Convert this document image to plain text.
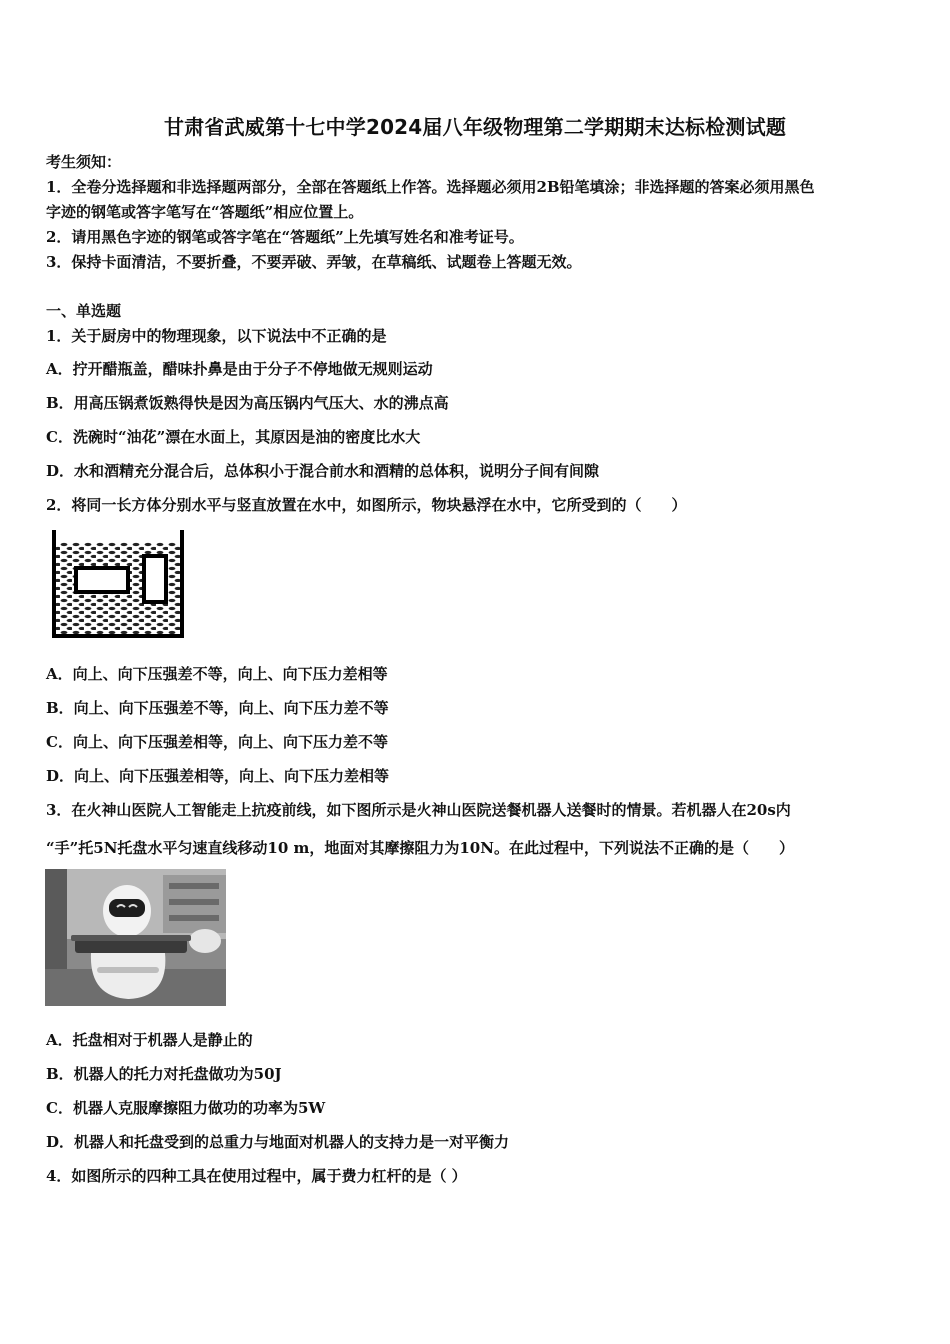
甘肃省武威第十七中学2024届八年级物理第二学期期末达标检测试题
考生须知：
1．全卷分选择题和非选择题两部分，全部在答题纸上作答。选择题必须用2B铅笔填涂；非选择题的答案必须用黑色
字迹的钢笔或答字笔写在“答题纸”相应位置上。
2．请用黑色字迹的钢笔或答字笔在“答题纸”上先填写姓名和准考证号。
3．保持卡面清洁，不要折叠，不要弄破、弄皱，在草稿纸、试题卷上答题无效。
一、单选题
1．关于厨房中的物理现象，以下说法中不正确的是
A．拧开醋瓶盖，醋味扑鼻是由于分子不停地做无规则运动
B．用高压锅煮饭熟得快是因为高压锅内气压大、水的沸点高
C．洗碗时“油花”漂在水面上，其原因是油的密度比水大
D．水和酒精充分混合后，总体积小于混合前水和酒精的总体积，说明分子间有间隙
2．将同一长方体分别水平与竖直放置在水中，如图所示，物块悬浮在水中，它所受到的（　　）
A．向上、向下压强差不等，向上、向下压力差相等
B．向上、向下压强差不等，向上、向下压力差不等
C．向上、向下压强差相等，向上、向下压力差不等
D．向上、向下压强差相等，向上、向下压力差相等
3．在火神山医院人工智能走上抗疫前线，如下图所示是火神山医院送餐机器人送餐时的情景。若机器人在20s内
“手”托5N托盘水平匀速直线移动10 m，地面对其摩擦阻力为10N。在此过程中，下列说法不正确的是（　　）
A．托盘相对于机器人是静止的
B．机器人的托力对托盘做功为50J
C．机器人克服摩擦阻力做功的功率为5W
D．机器人和托盘受到的总重力与地面对机器人的支持力是一对平衡力
4．如图所示的四种工具在使用过程中，属于费力杠杆的是（ ）
